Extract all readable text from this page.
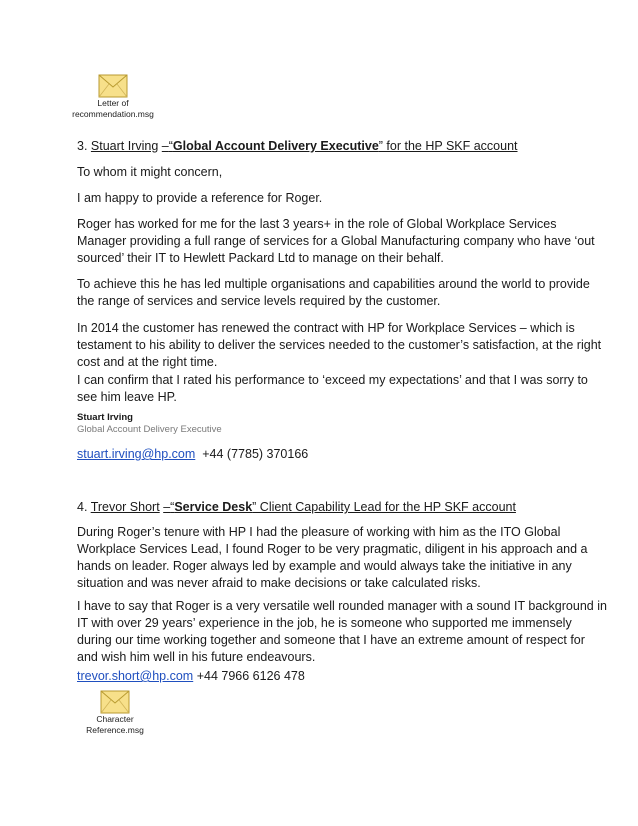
Letter of
recommendation.msg
3. Stuart Irving –“Global Account Delivery Executive” for the HP SKF account
To whom it might concern,
I am happy to provide a reference for Roger.
Roger has worked for me for the last 3 years+ in the role of Global Workplace Services
Manager providing a full range of services for a Global Manufacturing company who have ‘out
sourced’ their IT to Hewlett Packard Ltd to manage on their behalf.
To achieve this he has led multiple organisations and capabilities around the world to provide
the range of services and service levels required by the customer.
In 2014 the customer has renewed the contract with HP for Workplace Services – which is
testament to his ability to deliver the services needed to the customer’s satisfaction, at the right
cost and at the right time.
I can confirm that I rated his performance to ‘exceed my expectations’ and that I was sorry to
see him leave HP.
Stuart Irving
Global Account Delivery Executive
stuart.irving@hp.com +44 (7785) 370166
4. Trevor Short –“Service Desk” Client Capability Lead for the HP SKF account
During Roger’s tenure with HP I had the pleasure of working with him as the ITO Global
Workplace Services Lead, I found Roger to be very pragmatic, diligent in his approach and a
hands on leader. Roger always led by example and would always take the initiative in any
situation and was never afraid to make decisions or take calculated risks.
I have to say that Roger is a very versatile well rounded manager with a sound IT background in
IT with over 29 years’ experience in the job, he is someone who supported me immensely
during our time working together and someone that I have an extreme amount of respect for
and wish him well in his future endeavours.
trevor.short@hp.com +44 7966 6126 478
Character
Reference.msg
